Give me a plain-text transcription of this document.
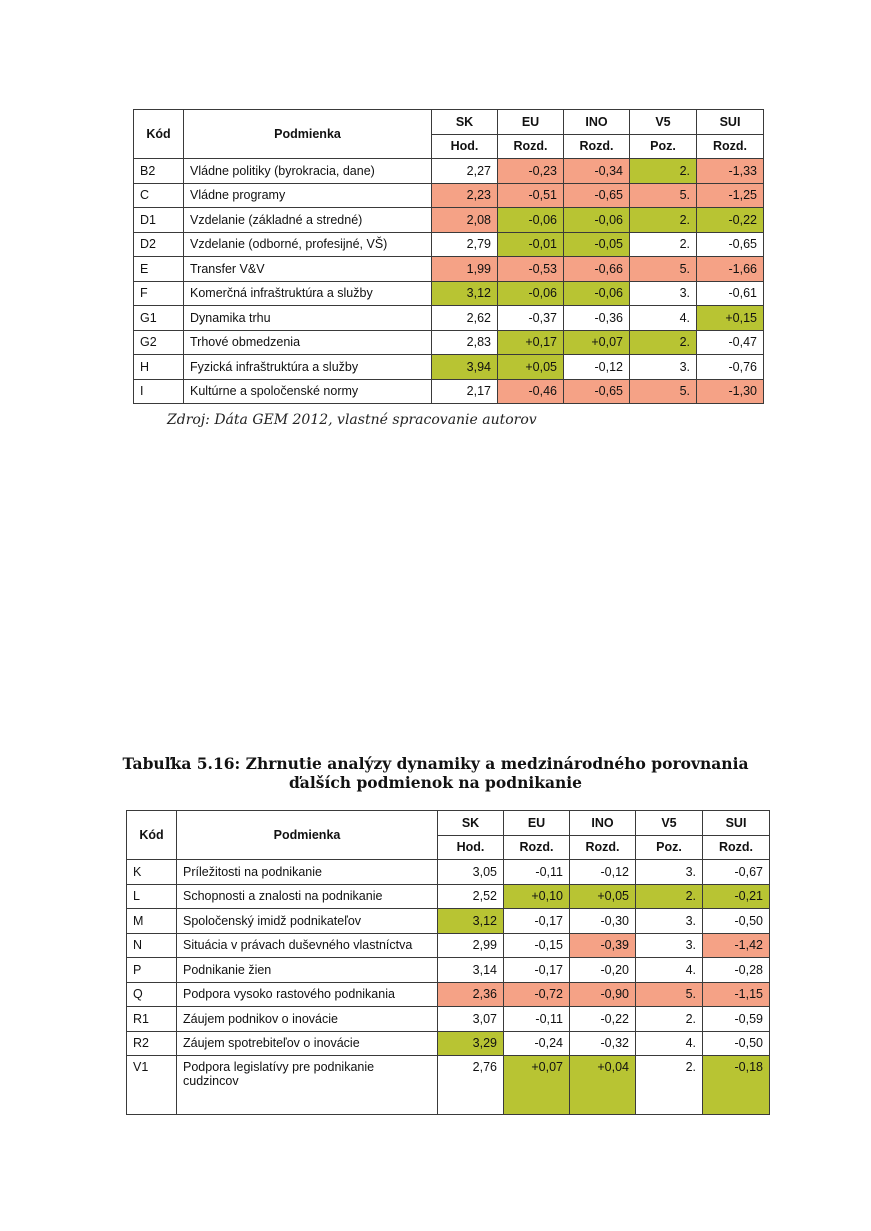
Kód	Podmienka	SK	EU	INO	V5	SUI
		Hod.	Rozd.	Rozd.	Poz.	Rozd.
B2	Vládne politiky (byrokracia, dane)	2,27	-0,23	-0,34	2.	-1,33
C	Vládne programy	2,23	-0,51	-0,65	5.	-1,25
D1	Vzdelanie (základné a stredné)	2,08	-0,06	-0,06	2.	-0,22
D2	Vzdelanie (odborné, profesijné, VŠ)	2,79	-0,01	-0,05	2.	-0,65
E	Transfer V&V	1,99	-0,53	-0,66	5.	-1,66
F	Komerčná infraštruktúra a služby	3,12	-0,06	-0,06	3.	-0,61
G1	Dynamika trhu	2,62	-0,37	-0,36	4.	+0,15
G2	Trhové obmedzenia	2,83	+0,17	+0,07	2.	-0,47
H	Fyzická infraštruktúra a služby	3,94	+0,05	-0,12	3.	-0,76
I	Kultúrne a spoločenské normy	2,17	-0,46	-0,65	5.	-1,30
Zdroj: Dáta GEM 2012, vlastné spracovanie autorov
Tabuľka 5.16: Zhrnutie analýzy dynamiky a medzinárodného porovnania
ďalších podmienok na podnikanie
Kód	Podmienka	SK	EU	INO	V5	SUI
		Hod.	Rozd.	Rozd.	Poz.	Rozd.
K	Príležitosti na podnikanie	3,05	-0,11	-0,12	3.	-0,67
L	Schopnosti a znalosti na podnikanie	2,52	+0,10	+0,05	2.	-0,21
M	Spoločenský imidž podnikateľov	3,12	-0,17	-0,30	3.	-0,50
N	Situácia v právach duševného vlastníctva	2,99	-0,15	-0,39	3.	-1,42
P	Podnikanie žien	3,14	-0,17	-0,20	4.	-0,28
Q	Podpora vysoko rastového podnikania	2,36	-0,72	-0,90	5.	-1,15
R1	Záujem podnikov o inovácie	3,07	-0,11	-0,22	2.	-0,59
R2	Záujem spotrebiteľov o inovácie	3,29	-0,24	-0,32	4.	-0,50
V1	Podpora legislatívy pre podnikanie cudzincov	2,76	+0,07	+0,04	2.	-0,18
